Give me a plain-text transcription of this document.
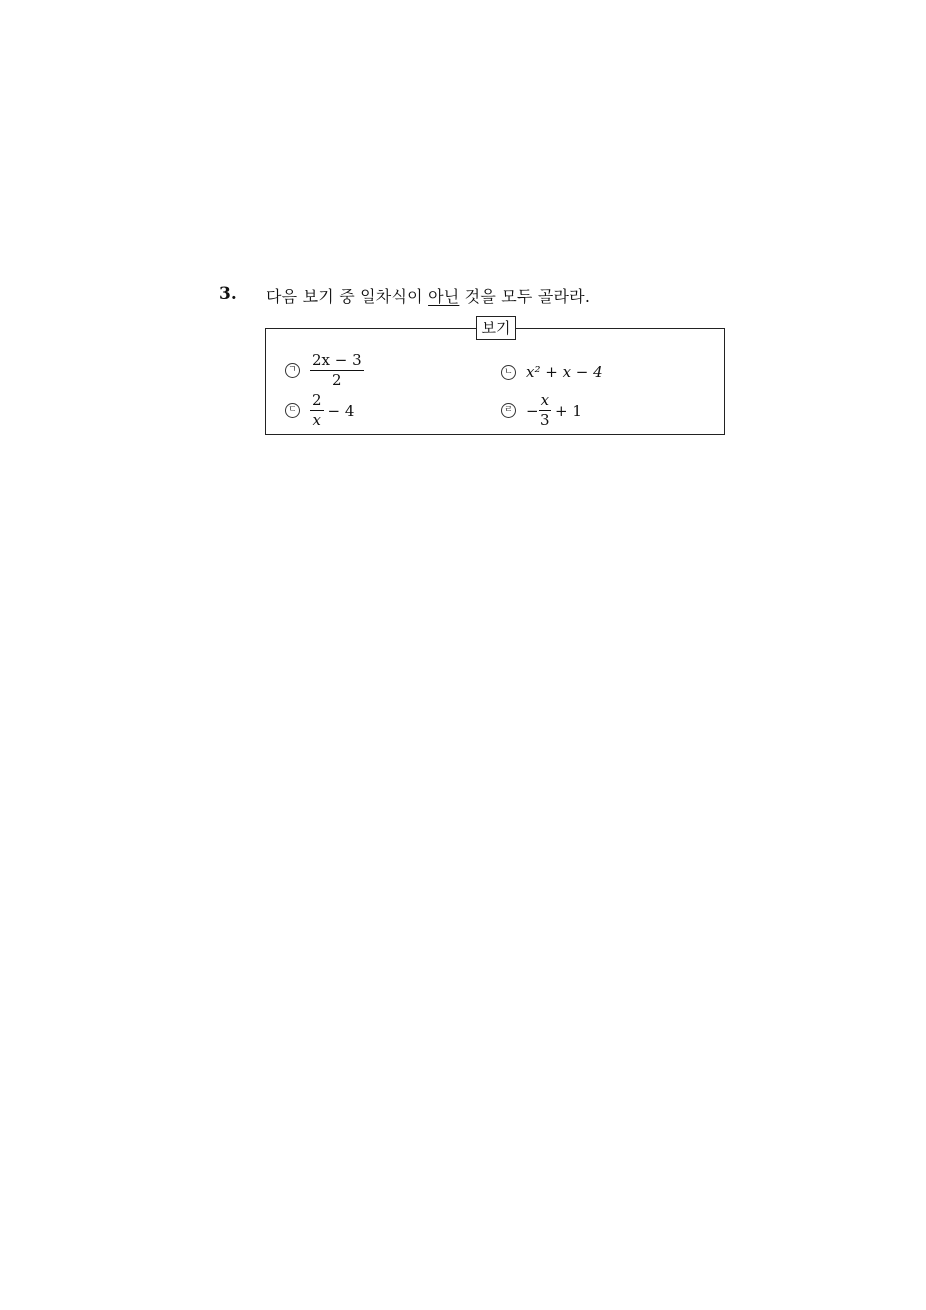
3. 다음 보기 중 일차식이 아닌 것을 모두 골라라.
보기
ㄱ $\frac{2x - 3}{2}$	ㄴ x² + x − 4
ㄷ $\frac{2}{x} - 4$	ㄹ − $\frac{x}{3} + 1$
